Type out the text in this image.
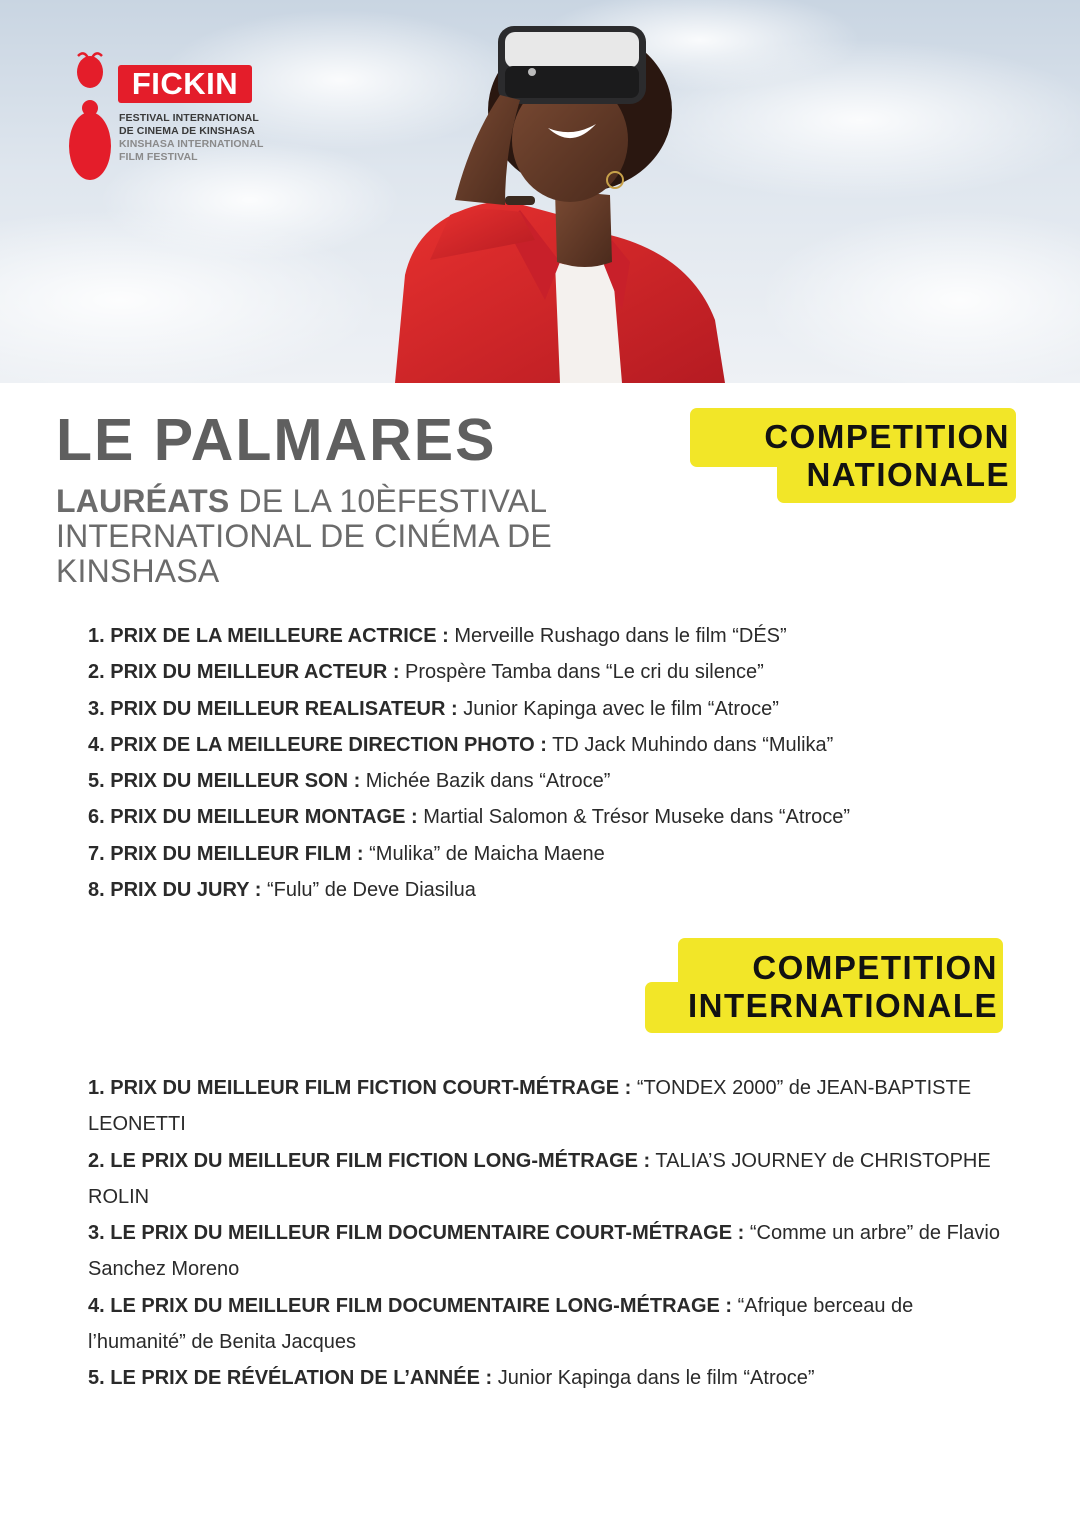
FICKIN
FESTIVAL INTERNATIONAL
DE CINEMA DE KINSHASA
KINSHASA INTERNATIONAL
FILM FESTIVAL
LE PALMARES
LAURÉATS DE LA 10ÈFESTIVAL INTERNATIONAL DE CINÉMA DE KINSHASA
COMPETITION
NATIONALE
1. PRIX DE LA MEILLEURE ACTRICE : Merveille Rushago dans le film “DÉS”
2. PRIX DU MEILLEUR ACTEUR : Prospère Tamba dans “Le cri du silence”
3. PRIX DU MEILLEUR REALISATEUR : Junior Kapinga avec le film “Atroce”
4. PRIX DE LA MEILLEURE DIRECTION PHOTO : TD Jack Muhindo dans “Mulika”
5. PRIX DU MEILLEUR SON : Michée Bazik dans “Atroce”
6. PRIX DU MEILLEUR MONTAGE : Martial Salomon & Trésor Museke dans “Atroce”
7. PRIX DU MEILLEUR FILM : “Mulika” de Maicha Maene
8. PRIX DU JURY : “Fulu” de Deve Diasilua
COMPETITION
INTERNATIONALE
1. PRIX DU MEILLEUR FILM FICTION COURT-MÉTRAGE : “TONDEX 2000” de JEAN-BAPTISTE LEONETTI
2. LE PRIX DU MEILLEUR FILM FICTION LONG-MÉTRAGE : TALIA’S JOURNEY de CHRISTOPHE ROLIN
3. LE PRIX DU MEILLEUR FILM DOCUMENTAIRE COURT-MÉTRAGE : “Comme un arbre” de Flavio Sanchez Moreno
4. LE PRIX DU MEILLEUR FILM DOCUMENTAIRE LONG-MÉTRAGE : “Afrique berceau de l’humanité” de Benita Jacques
5. LE PRIX DE RÉVÉLATION DE L’ANNÉE : Junior Kapinga dans le film “Atroce”
